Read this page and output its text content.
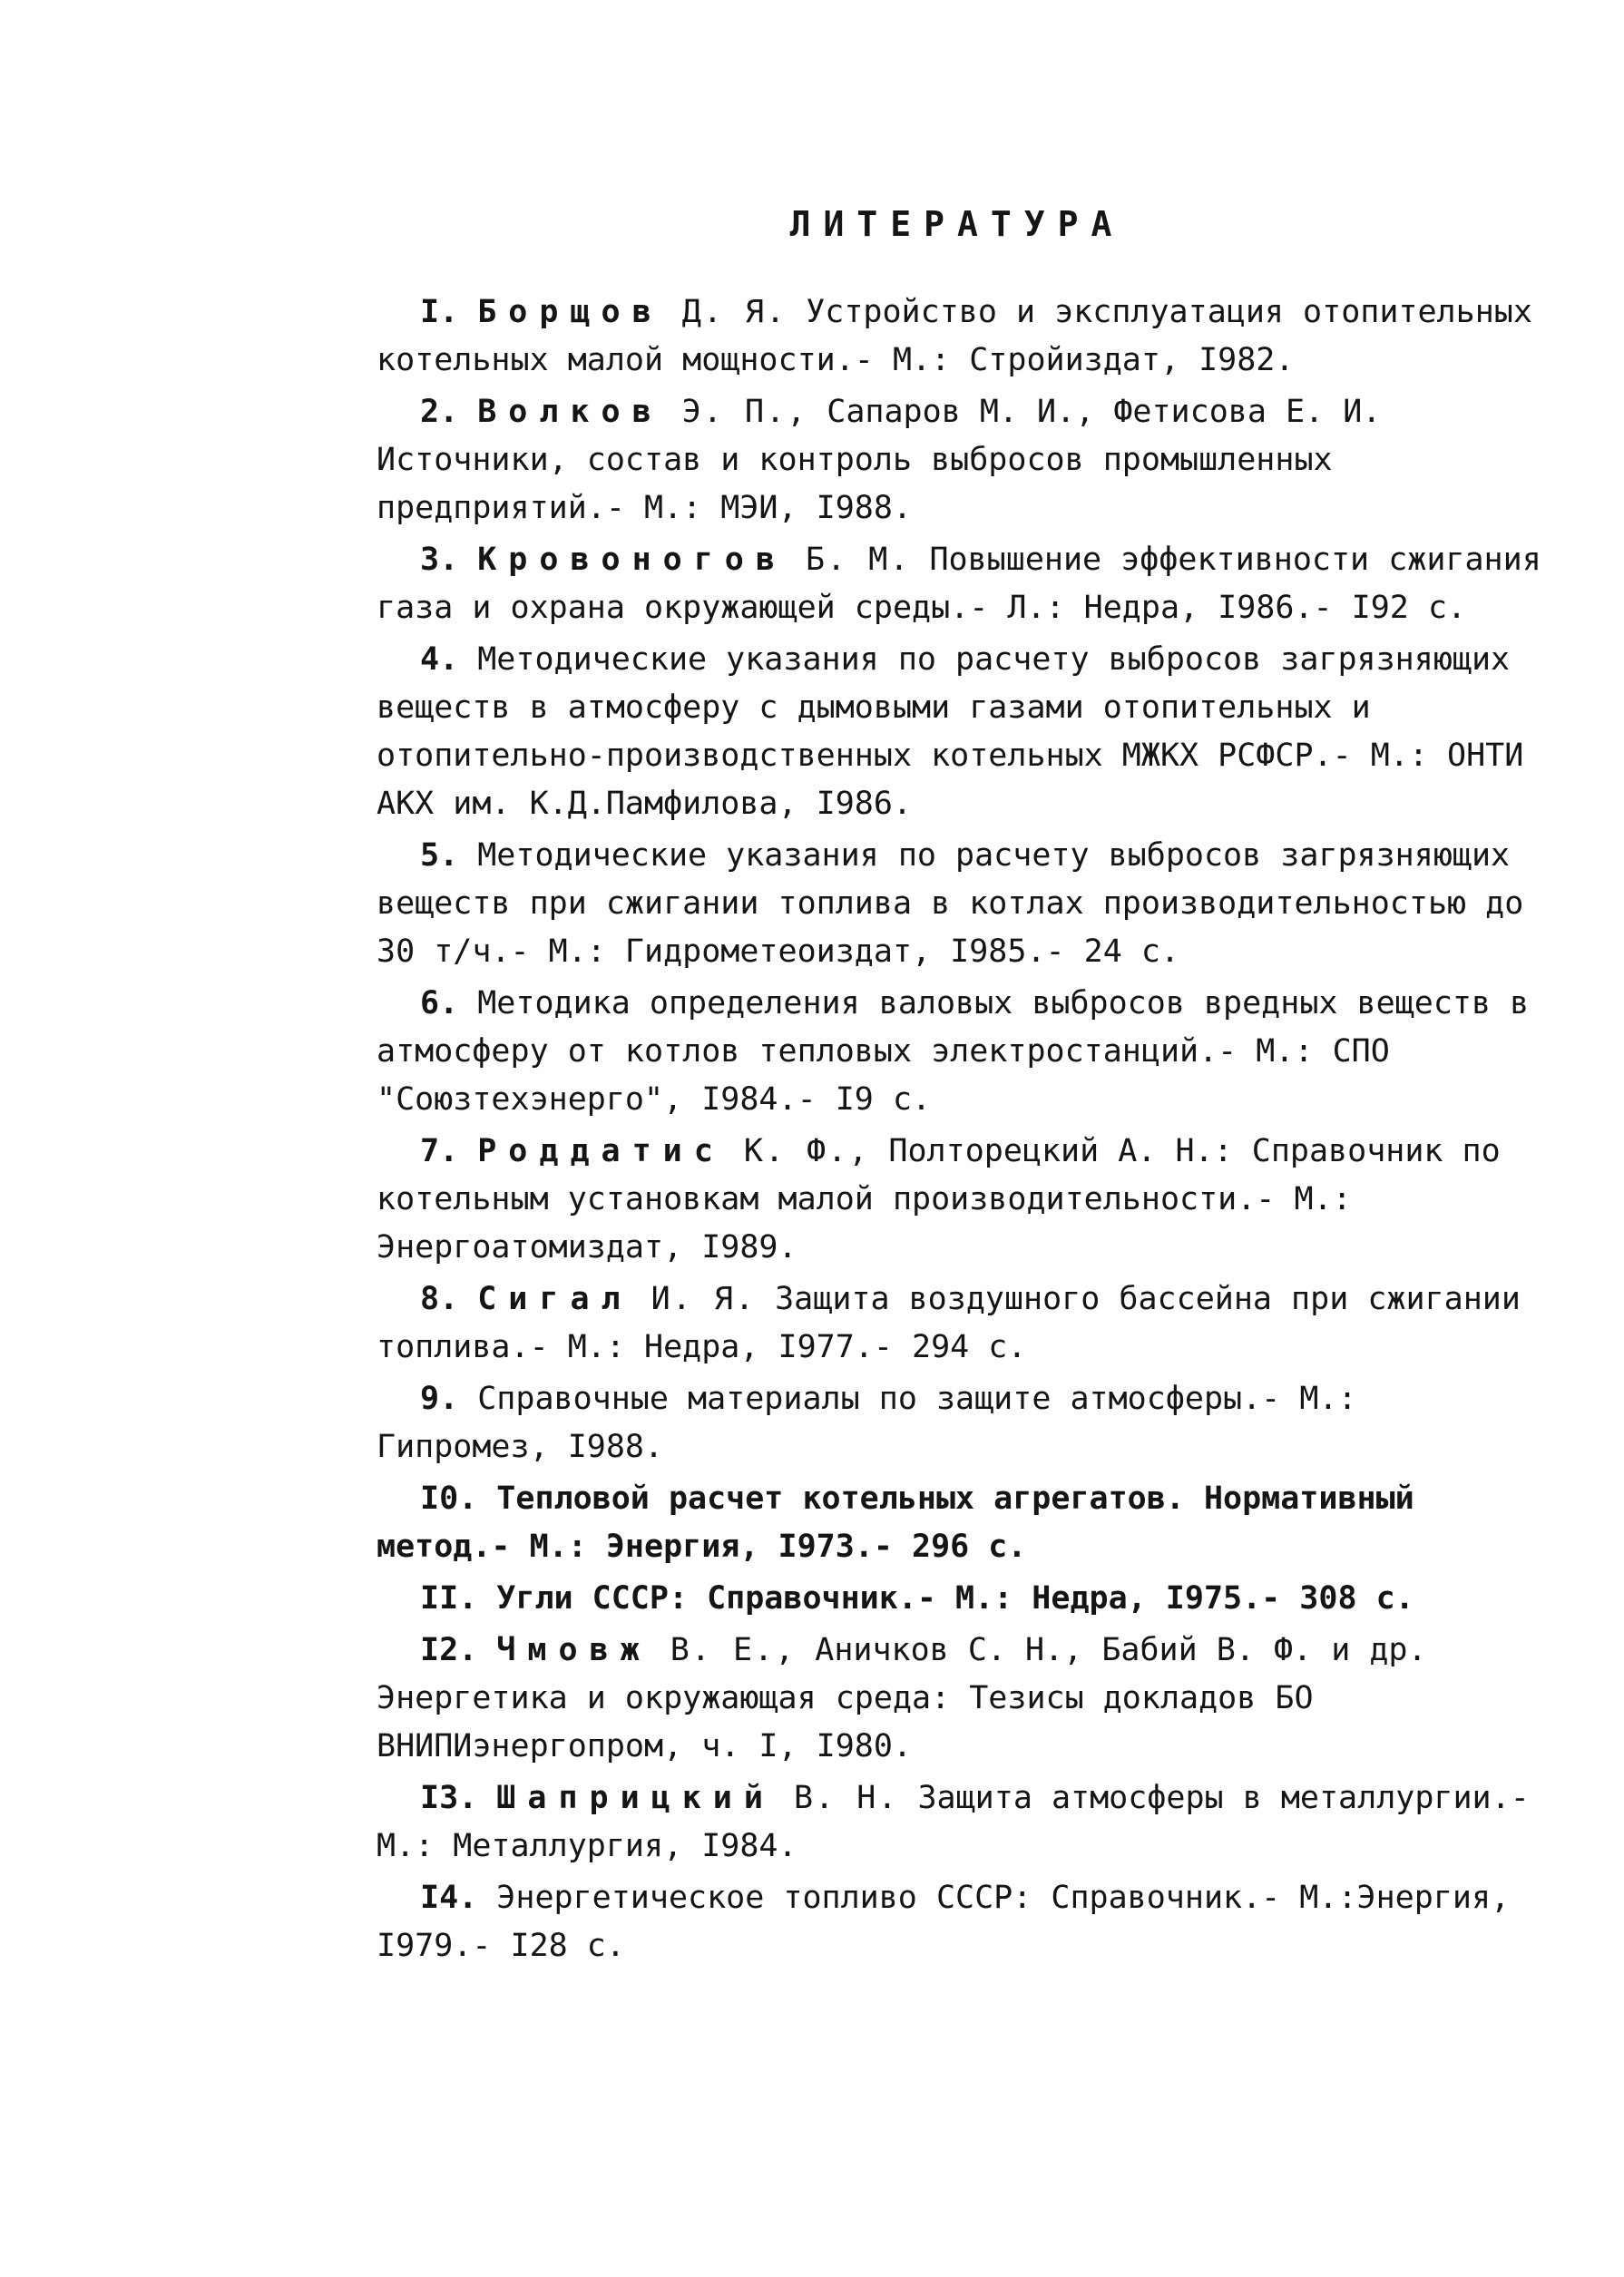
ЛИТЕРАТУРА
I. Борщов Д. Я. Устройство и эксплуатация отопительных котельных малой мощности.- М.: Стройиздат, I982.
2. Волков Э. П., Сапаров М. И., Фетисова Е. И. Источники, состав и контроль выбросов промышленных предприятий.- М.: МЭИ, I988.
3. Кровоногов Б. М. Повышение эффективности сжигания газа и охрана окружающей среды.- Л.: Недра, I986.- I92 с.
4. Методические указания по расчету выбросов загрязняющих веществ в атмосферу с дымовыми газами отопительных и отопительно-производственных котельных МЖКХ РСФСР.- М.: ОНТИ АКХ им. К.Д.Памфилова, I986.
5. Методические указания по расчету выбросов загрязняющих веществ при сжигании топлива в котлах производительностью до 30 т/ч.- М.: Гидрометеоиздат, I985.- 24 с.
6. Методика определения валовых выбросов вредных веществ в атмосферу от котлов тепловых электростанций.- М.: СПО "Союзтехэнерго", I984.- I9 с.
7. Роддатис К. Ф., Полторецкий А. Н.: Справочник по котельным установкам малой производительности.- М.: Энергоатомиздат, I989.
8. Сигал И. Я. Защита воздушного бассейна при сжигании топлива.- М.: Недра, I977.- 294 с.
9. Справочные материалы по защите атмосферы.- М.: Гипромез, I988.
I0. Тепловой расчет котельных агрегатов. Нормативный метод.- М.: Энергия, I973.- 296 с.
II. Угли СССР: Справочник.- М.: Недра, I975.- 308 с.
I2. Чмовж В. Е., Аничков С. Н., Бабий В. Ф. и др. Энергетика и окружающая среда: Тезисы докладов БО ВНИПИэнергопром, ч. I, I980.
I3. Шаприцкий В. Н. Защита атмосферы в металлургии.- М.: Металлургия, I984.
I4. Энергетическое топливо СССР: Справочник.- М.:Энергия, I979.- I28 с.
